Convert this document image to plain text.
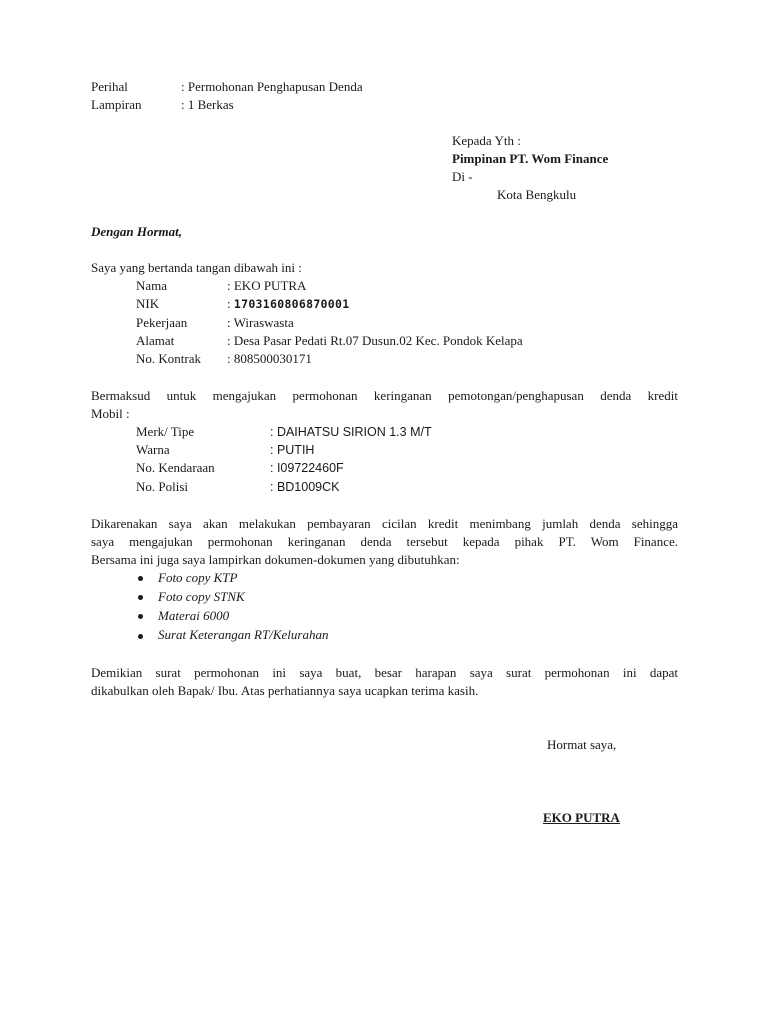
Perihal	: Permohonan Penghapusan Denda
Lampiran	: 1 Berkas
Kepada Yth :
Pimpinan PT. Wom Finance
Di -
Kota Bengkulu
Dengan Hormat,
Saya yang bertanda tangan dibawah ini :
Nama	: EKO PUTRA
NIK	: 1703160806870001
Pekerjaan	: Wiraswasta
Alamat	: Desa Pasar Pedati Rt.07 Dusun.02 Kec. Pondok Kelapa
No. Kontrak : 808500030171
Bermaksud untuk mengajukan permohonan keringanan pemotongan/penghapusan denda kredit
Mobil :
Merk/ Tipe	: DAIHATSU SIRION 1.3 M/T
Warna	: PUTIH
No. Kendaraan	: I09722460F
No. Polisi	: BD1009CK
Dikarenakan saya akan melakukan pembayaran cicilan kredit menimbang jumlah denda sehingga
saya mengajukan permohonan keringanan denda tersebut kepada pihak PT. Wom Finance.
Bersama ini juga saya lampirkan dokumen-dokumen yang dibutuhkan:
Foto copy KTP
Foto copy STNK
Materai 6000
Surat Keterangan RT/Kelurahan
Demikian surat permohonan ini saya buat, besar harapan saya surat permohonan ini dapat
dikabulkan oleh Bapak/ Ibu. Atas perhatiannya saya ucapkan terima kasih.
Hormat saya,
EKO PUTRA
